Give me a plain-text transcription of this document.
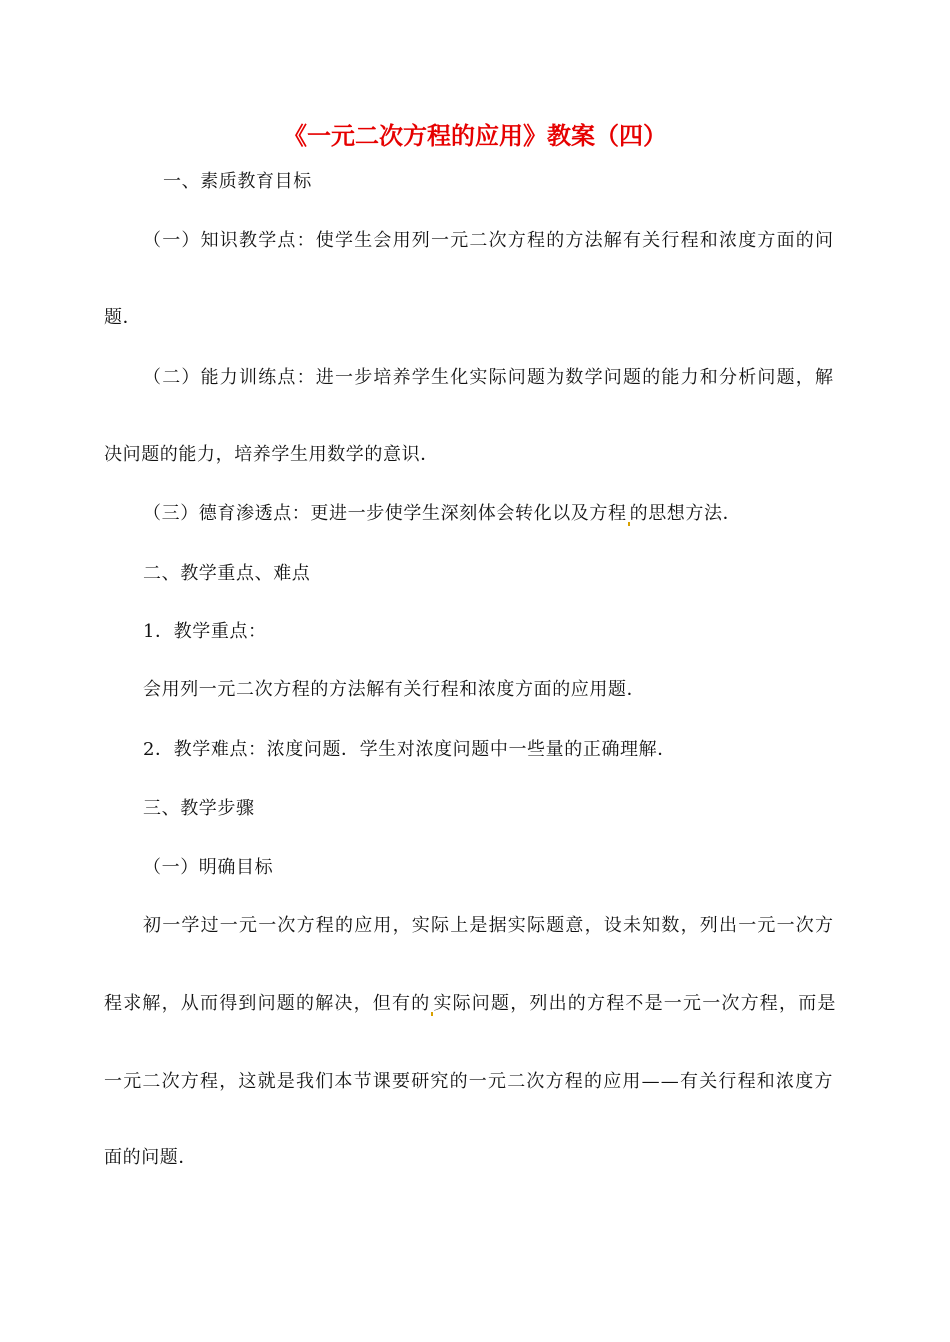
《一元二次方程的应用》教案（四）
一、素质教育目标
（一）知识教学点：使学生会用列一元二次方程的方法解有关行程和浓度方面的问
题．
（二）能力训练点：进一步培养学生化实际问题为数学问题的能力和分析问题，解
决问题的能力，培养学生用数学的意识．
（三）德育渗透点：更进一步使学生深刻体会转化以及方程 的思想方法．
二、教学重点、难点
1．教学重点：
会用列一元二次方程的方法解有关行程和浓度方面的应用题．
2．教学难点：浓度问题．学生对浓度问题中一些量的正确理解．
三、教学步骤
（一）明确目标
初一学过一元一次方程的应用，实际上是据实际题意，设未知数，列出一元一次方
程求解，从而得到问题的解决，但有的 实际问题，列出的方程不是一元一次方程，而是
一元二次方程，这就是我们本节课要研究的一元二次方程的应用——有关行程和浓度方
面的问题．
